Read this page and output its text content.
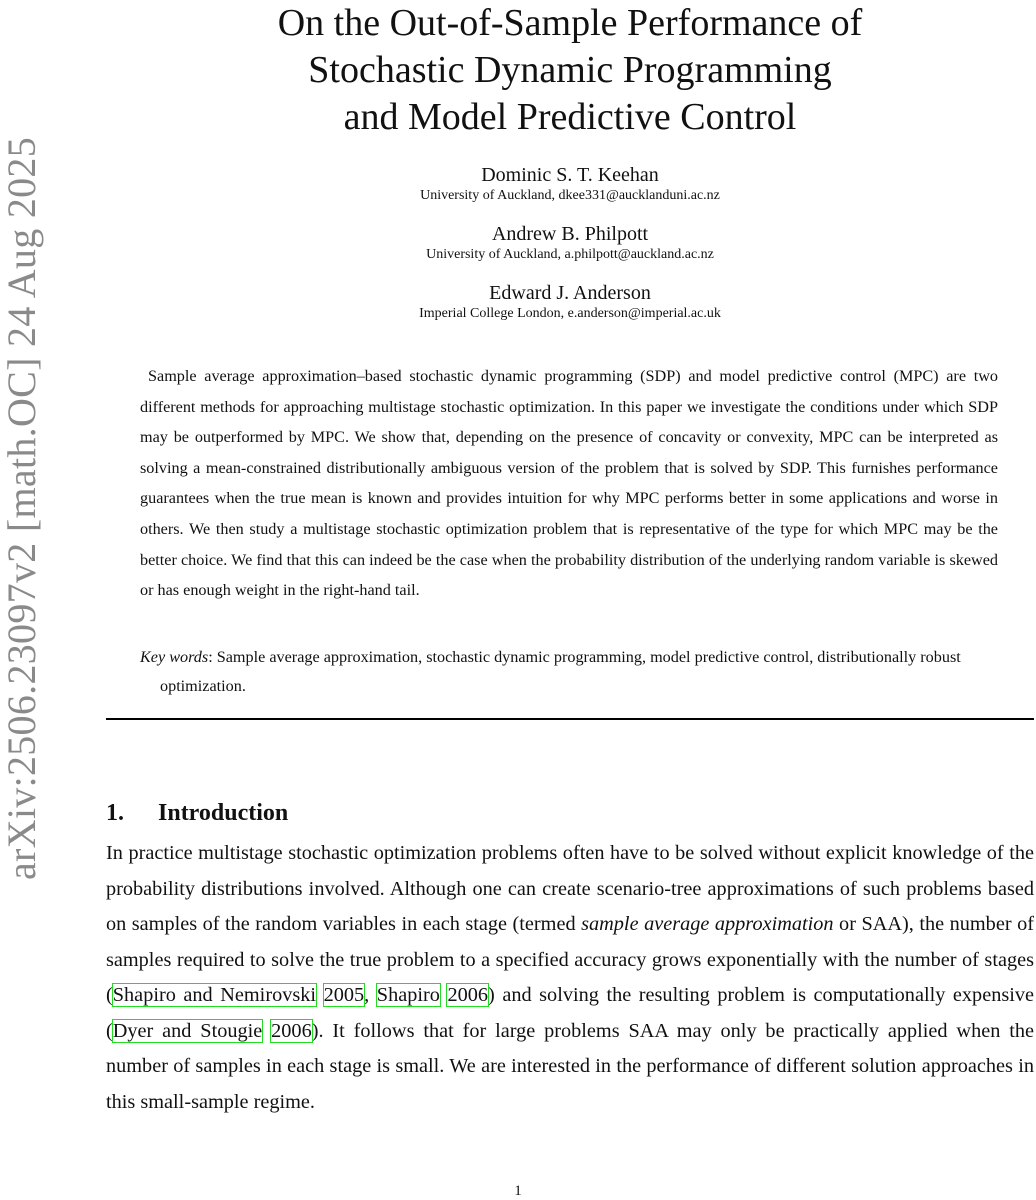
arXiv:2506.23097v2 [math.OC] 24 Aug 2025
On the Out-of-Sample Performance of
Stochastic Dynamic Programming
and Model Predictive Control
Dominic S. T. Keehan
University of Auckland, dkee331@aucklanduni.ac.nz
Andrew B. Philpott
University of Auckland, a.philpott@auckland.ac.nz
Edward J. Anderson
Imperial College London, e.anderson@imperial.ac.uk

Sample average approximation–based stochastic dynamic programming (SDP) and model predictive control (MPC) are two different methods for approaching multistage stochastic optimization. In this paper we investigate the conditions under which SDP may be outperformed by MPC. We show that, depending on the presence of concavity or convexity, MPC can be interpreted as solving a mean-constrained distributionally ambiguous version of the problem that is solved by SDP. This furnishes performance guarantees when the true mean is known and provides intuition for why MPC performs better in some applications and worse in others. We then study a multistage stochastic optimization problem that is representative of the type for which MPC may be the better choice. We find that this can indeed be the case when the probability distribution of the underlying random variable is skewed or has enough weight in the right-hand tail.

Key words: Sample average approximation, stochastic dynamic programming, model predictive control, distributionally robust optimization.

1. Introduction

In practice multistage stochastic optimization problems often have to be solved without explicit knowledge of the probability distributions involved. Although one can create scenario-tree approximations of such problems based on samples of the random variables in each stage (termed sample average approximation or SAA), the number of samples required to solve the true problem to a specified accuracy grows exponentially with the number of stages (Shapiro and Nemirovski 2005, Shapiro 2006) and solving the resulting problem is computationally expensive (Dyer and Stougie 2006). It follows that for large problems SAA may only be practically applied when the number of samples in each stage is small. We are interested in the performance of different solution approaches in this small-sample regime.

1
